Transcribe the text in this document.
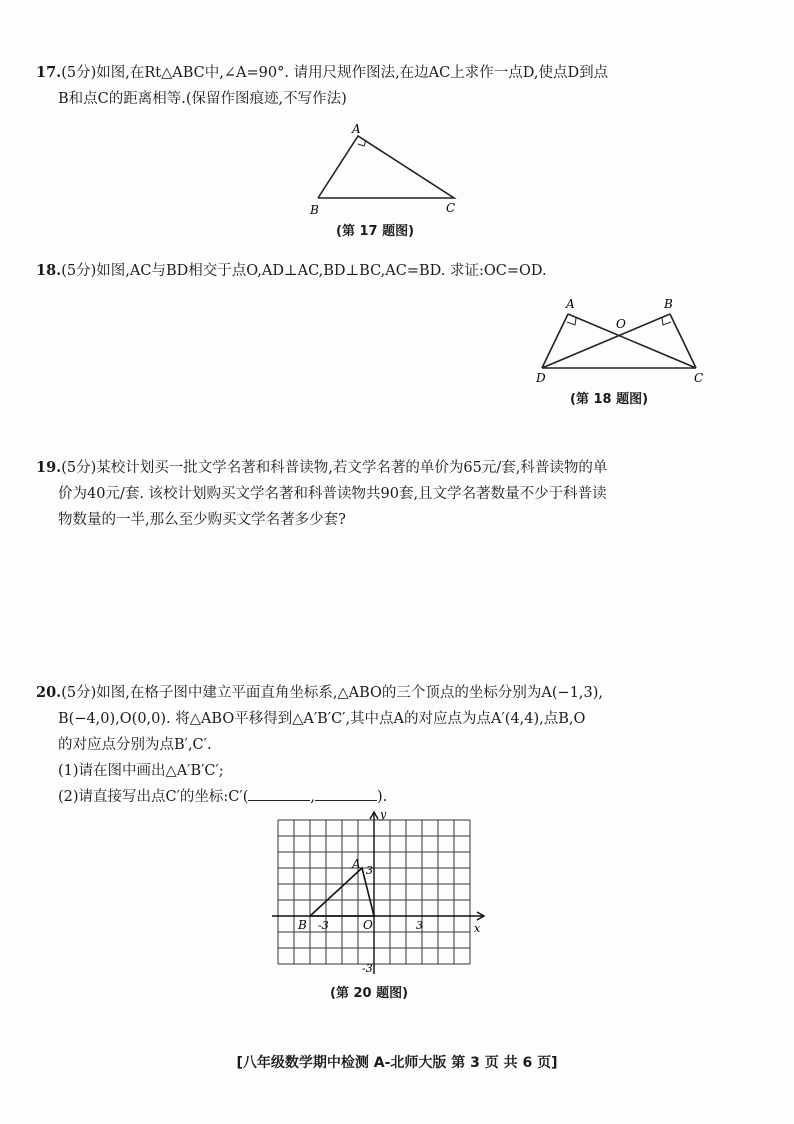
17.(5分)如图,在Rt△ABC中,∠A=90°. 请用尺规作图法,在边AC上求作一点D,使点D到点

B和点C的距离相等.(保留作图痕迹,不写作法)

A
B	C
(第 17 题图)

18.(5分)如图,AC与BD相交于点O,AD⊥AC,BD⊥BC,AC=BD. 求证:OC=OD.

A	B
O
D	C
(第 18 题图)

19.(5分)某校计划买一批文学名著和科普读物,若文学名著的单价为65元/套,科普读物的单

价为40元/套. 该校计划购买文学名著和科普读物共90套,且文学名著数量不少于科普读

物数量的一半,那么至少购买文学名著多少套?

20.(5分)如图,在格子图中建立平面直角坐标系,△ABO的三个顶点的坐标分别为A(−1,3),

B(−4,0),O(0,0). 将△ABO平移得到△A′B′C′,其中点A的对应点为点A′(4,4),点B,O

的对应点分别为点B′,C′.

(1)请在图中画出△A′B′C′;

(2)请直接写出点C′的坐标:C′(	,	).

A
B	O
y
x
3
-3
-3	3
(第 20 题图)
[八年级数学期中检测 A-北师大版 第 3 页 共 6 页]
